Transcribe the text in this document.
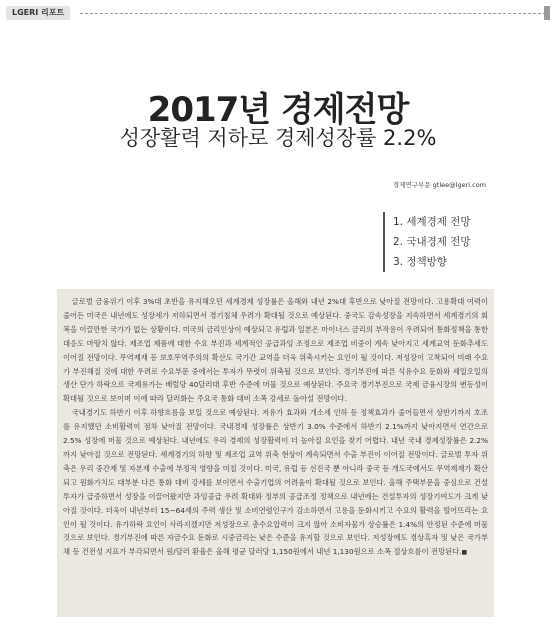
LGERI 리포트
2017년 경제전망
성장활력 저하로 경제성장률 2.2%
경제연구부문 gtlee@lgeri.com
1. 세계경제 전망
2. 국내경제 전망
3. 정책방향

글로벌 금융위기 이후 3%대 초반을 유지해오던 세계경제 성장률은 올해와 내년 2%대 후반으로 낮아질 전망이다. 고용확대 여력이 줄어든 미국은 내년에도 성장세가 저하되면서 경기침체 우려가 확대될 것으로 예상된다. 중국도 감속성장을 지속하면서 세계경기의 회복을 이끌만한 국가가 없는 상황이다. 미국의 금리인상이 예상되고 유럽과 일본은 마이너스 금리의 부작용이 우려되어 통화정책을 통한 대응도 마땅치 않다. 제조업 제품에 대한 수요 부진과 세계적인 공급과잉 조정으로 제조업 비중이 계속 낮아지고 세계교역 둔화추세도 이어질 전망이다. 무역제재 등 보호무역주의의 확산도 국가간 교역을 더욱 위축시키는 요인이 될 것이다. 저성장이 고착되어 미래 수요가 부진해질 것에 대한 우려로 수요부문 중에서는 투자가 뚜렷이 위축될 것으로 보인다. 경기부진에 따른 석유수요 둔화와 셰일오일의 생산 단가 하락으로 국제유가는 배럴당 40달러대 후반 수준에 머물 것으로 예상된다. 주요국 경기부진으로 국제 금융시장의 변동성이 확대될 것으로 보이며 이에 따라 달러화는 주요국 통화 대비 소폭 강세로 돌아설 전망이다.

국내경기도 하반기 이후 하향흐름을 보일 것으로 예상된다. 저유가 효과와 개소세 인하 등 정책효과가 줄어들면서 상반기까지 호조를 유지했던 소비활력이 점차 낮아질 전망이다. 국내경제 성장률은 상반기 3.0% 수준에서 하반기 2.1%까지 낮아지면서 연간으로 2.5% 성장에 머물 것으로 예상된다. 내년에도 우리 경제의 성장활력이 더 높아질 요인을 찾기 어렵다. 내년 국내 경제성장률은 2.2%까지 낮아질 것으로 전망된다. 세계경기의 하향 및 제조업 교역 위축 현상이 계속되면서 수출 부진이 이어질 전망이다. 글로벌 투자 위축은 우리 중간재 및 자본재 수출에 부정적 영향을 미칠 것이다. 미국, 유럽 등 선진국 뿐 아니라 중국 등 개도국에서도 무역제재가 확산되고 원화가치도 대부분 다른 통화 대비 강세를 보이면서 수출기업의 어려움이 확대될 것으로 보인다. 올해 주택부문을 중심으로 건설투자가 급증하면서 성장을 이끌어왔지만 과잉공급 우려 확대와 정부의 공급조정 정책으로 내년에는 건설투자의 성장기여도가 크게 낮아질 것이다. 더욱이 내년부터 15~64세의 주력 생산 및 소비연령인구가 감소하면서 고용을 둔화시키고 수요의 활력을 떨어뜨리는 요인이 될 것이다. 유가하락 요인이 사라지겠지만 저성장으로 총수요압력이 크지 않아 소비자물가 상승률은 1.4%의 안정된 수준에 머물 것으로 보인다. 경기부진에 따른 자금수요 둔화로 시중금리는 낮은 수준을 유지할 것으로 보인다. 저성장에도 경상흑자 및 낮은 국가부채 등 건전성 지표가 부각되면서 원/달러 환율은 올해 평균 달러당 1,150원에서 내년 1,130원으로 소폭 절상흐름이 전망된다.■
